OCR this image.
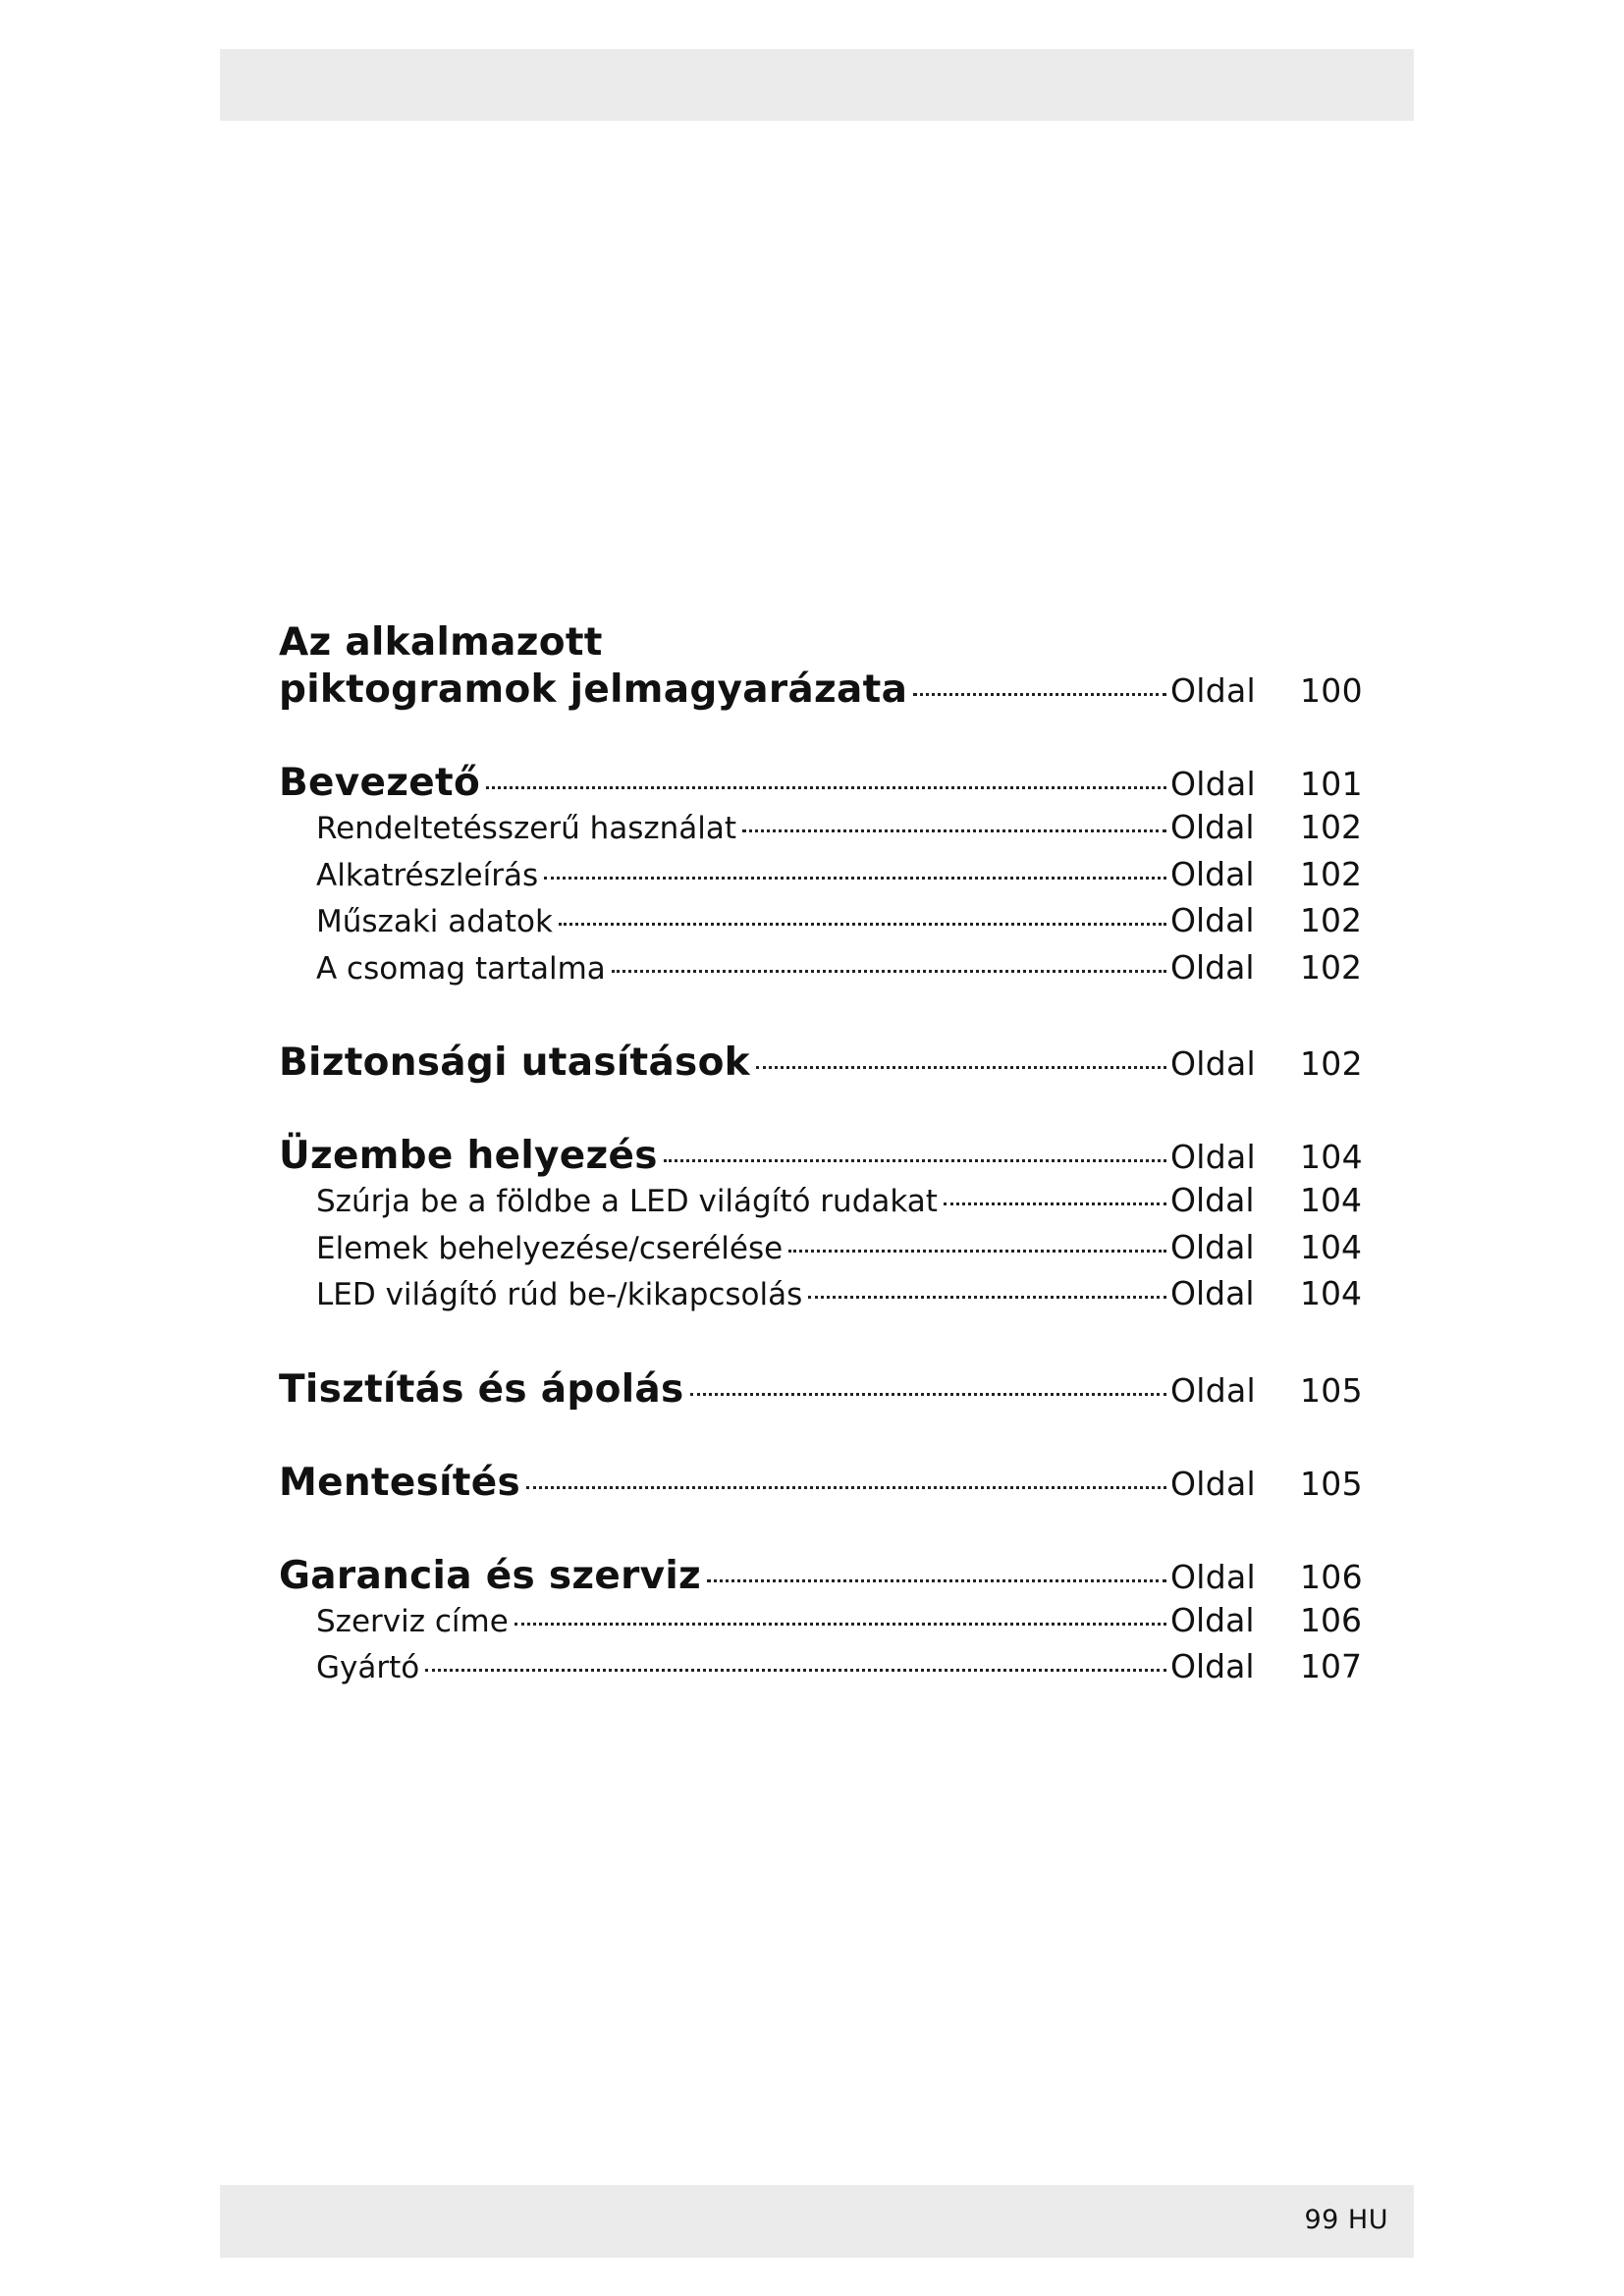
Az alkalmazott
piktogramok jelmagyarázata	Oldal 100
Bevezető	Oldal 101
Rendeltetésszerű használat	Oldal 102
Alkatrészleírás	Oldal 102
Műszaki adatok	Oldal 102
A csomag tartalma	Oldal 102
Biztonsági utasítások	Oldal 102
Üzembe helyezés	Oldal 104
Szúrja be a földbe a LED világító rudakat	Oldal 104
Elemek behelyezése/cserélése	Oldal 104
LED világító rúd be-/kikapcsolás	Oldal 104
Tisztítás és ápolás	Oldal 105
Mentesítés	Oldal 105
Garancia és szerviz	Oldal 106
Szerviz címe	Oldal 106
Gyártó	Oldal 107
99 HU
